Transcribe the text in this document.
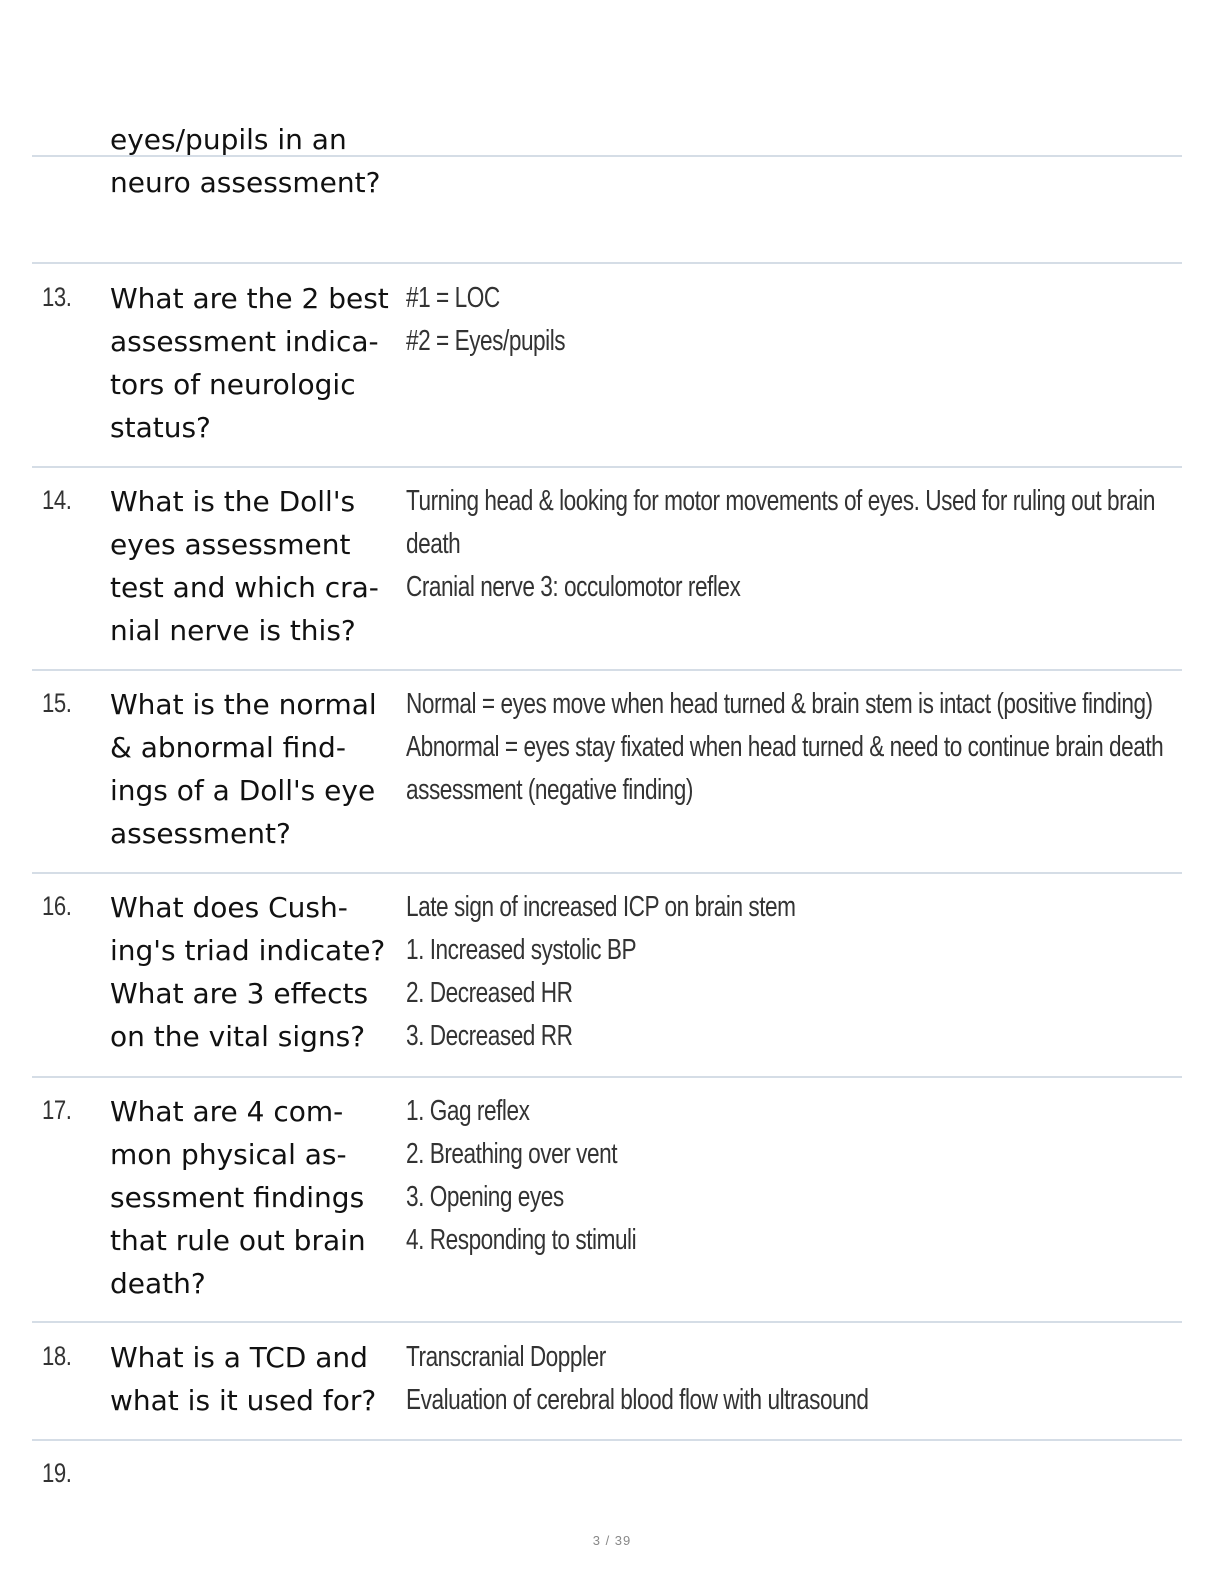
eyes/pupils in an
neuro assessment?
13. What are the 2 best
assessment indica-
tors of neurologic
status?
#1 = LOC
#2 = Eyes/pupils
14. What is the Doll's
eyes assessment
test and which cra-
nial nerve is this?
Turning head & looking for motor movements of eyes. Used for ruling out brain
death
Cranial nerve 3: occulomotor reflex
15. What is the normal
& abnormal find-
ings of a Doll's eye
assessment?
Normal = eyes move when head turned & brain stem is intact (positive finding)
Abnormal = eyes stay fixated when head turned & need to continue brain death
assessment (negative finding)
16. What does Cush-
ing's triad indicate?
What are 3 effects
on the vital signs?
Late sign of increased ICP on brain stem
1. Increased systolic BP
2. Decreased HR
3. Decreased RR
17. What are 4 com-
mon physical as-
sessment findings
that rule out brain
death?
1. Gag reflex
2. Breathing over vent
3. Opening eyes
4. Responding to stimuli
18. What is a TCD and
what is it used for?
Transcranial Doppler
Evaluation of cerebral blood flow with ultrasound
19.
3 / 39
